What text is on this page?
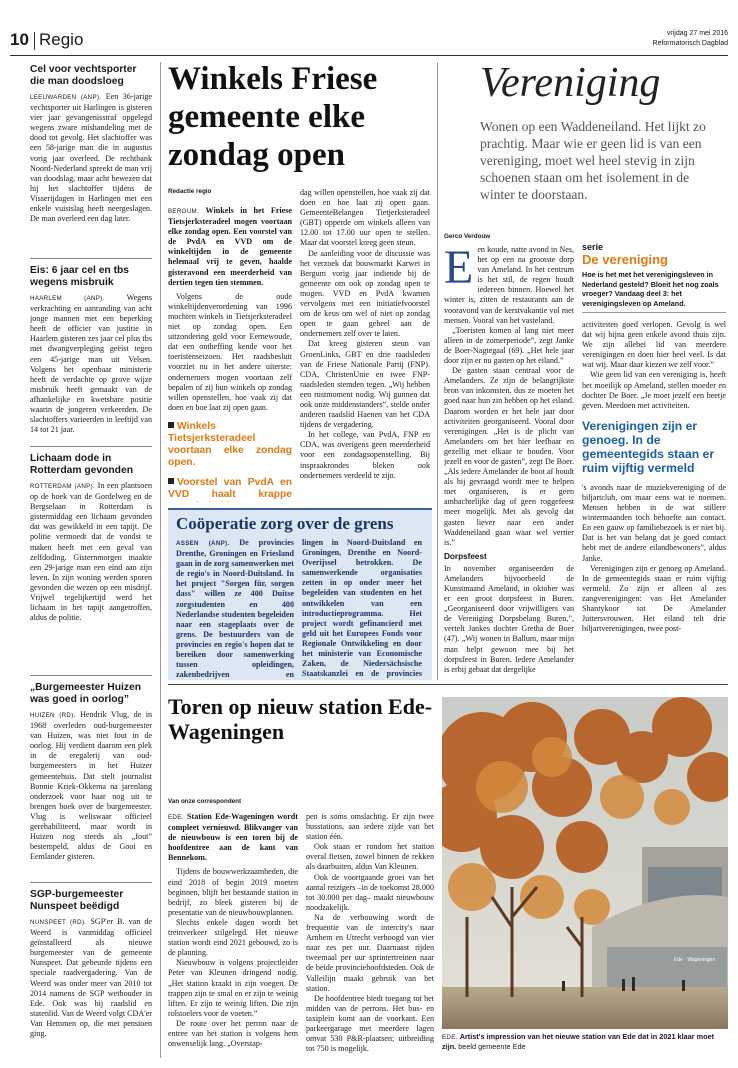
10 Regio	vrijdag 27 mei 2016
Reformatorisch Dagblad
Cel voor vechtsporter die man doodsloeg

LEEUWARDEN (ANP). Een 36-jarige vechtsporter uit Harlingen is gisteren vier jaar gevangenisstraf opgelegd wegens zware mishandeling met de dood tot gevolg. Het slachtoffer was een 58-jarige man die in augustus vorig jaar overleed. De rechtbank Noord-Nederland spreekt de man vrij van doodslag, maar acht bewezen dat hij het slachtoffer tijdens de Visserijdagen in Harlingen met een enkele vuistslag heeft neergeslagen. De man overleed een dag later.

Eis: 6 jaar cel en tbs wegens misbruik

HAARLEM (ANP).	Wegens verkrachting en aanranding van acht jonge mannen met een beperking heeft de officier van justitie in Haarlem gisteren zes jaar cel plus tbs met dwangverpleging geëist tegen een 45-jarige man uit Velsen. Volgens het openbaar ministerie heeft de verdachte op grove wijze misbruik heeft gemaakt van de afhankelijke en kwetsbare positie waarin de jongeren verkeerden. De slachtoffers varieerden in leeftijd van 14 tot 21 jaar.

Lichaam dode in Rotterdam gevonden

ROTTERDAM (ANP). In een plantsoen op de hoek van de Gordelweg en de Bergselaan in Rotterdam is gistermiddag een lichaam gevonden dat was gewikkeld in een tapijt. De politie vermoedt dat de vondst te maken heeft met een geval van zelfdoding. Gisternmorgen maakte een 29-jarige man een eind aan zijn leven. In zijn woning werden sporen gevonden die wezen op een misdrijf. Vrijwel tegelijkertijd werd het lichaam in het tapijt aangetroffen, aldus de politie.

„Burgemeester Huizen was goed in oorlog”

HUIZEN (RD). Hendrik Vlug, de in 1968 overleden oud-burgemeester van Huizen, was niet fout in de oorlog. Hij verdient daarom een plek in de eregalerij van oud-burgemeesters in het Huizer gemeentehuis. Dat stelt journalist Bonnie Kriek-Okkema na jarenlang onderzoek voor haar nog uit te brengen boek over de burgemeester. Vlug is weliswaar officieel gerehabiliteerd, maar wordt in Huizen nog steeds als „fout” bestempeld, aldus de Gooi en Eemlander gisteren.

SGP-burgemeester Nunspeet beëdigd

NUNSPEET (RD). SGP'er B. van de Weerd is vanmiddag officieel geïnstalleerd als nieuwe burgemeester van de gemeente Nunspeet. Dat gebeurde tijdens een speciale raadvergadering. Van de Weerd was onder meer van 2010 tot 2014 namens de SGP wethouder in Ede. Ook was hij raadslid en statenlid. Van de Weerd volgt CDA'er Van Hemmen op, die met pensioen ging.

Winkels Friese gemeente elke zondag open
Redactie regio

BERGUM. Winkels in het Friese Tietsjerksteradeel mogen voortaan elke zondag open. Een voorstel van de PvdA en VVD om de winkeltijden in de gemeente helemaal vrij te geven, haalde gisteravond een meerderheid van dertien tegen tien stemmen.

Volgens de oude winkeltijdenverordening van 1996 mochten winkels in Tietsjerksteradeel niet op zondag open. Een uitzondering gold voor Eernewoude, dat een ontheffing kende voor het toeristenseizoen. Het raadsbesluit voorziet nu in het andere uiterste: ondernemers mogen voortaan zelf bepalen of zij hun winkels op zondag willen openstellen, hoe vaak zij dat doen en hoe laat zij open gaan.

Winkels Tietsjerksteradeel voortaan elke zondag open.
Voorstel van PvdA en VVD haalt krappe

dag willen openstellen, hoe vaak zij dat doen en hoe laat zij open gaan. GemeenteBelangen Tietjerksteradeel (GBT) opperde om winkels alleen van 12.00 tot 17.00 uur open te stellen. Maar dat voorstel kreeg geen steun.

De aanleiding voor de discussie was het verzoek dat bouwmarkt Karwei in Bergum vorig jaar indiende bij de gemeente om ook op zondag open te mogen. VVD en PvdA kwamen vervolgens met een initiatiefvoorstel om de keus om wel of niet op zondag open te gaan geheel aan de ondernemers zelf over te laten.

Dat kreeg gisteren steun van GroenLinks, GBT en drie raadsleden van de Friese Nationale Partij (FNP). CDA, ChristenUnie en twee FNP-raadsleden stemden tegen. „Wij hebben een rustmoment nodig. Wij gunnen dat ook onze middenstanders”, stelde onder anderen raadslid Haenen van het CDA tijdens de vergadering.

In het college, van PvdA, FNP en CDA, was overigens geen meerderheid voor een zondagsopenstelling. Bij inspraakrondes bleken ook ondernemers verdeeld te zijn.

Coöperatie zorg over de grens

ASSEN (ANP). De provincies Drenthe, Groningen en Friesland gaan in de zorg samenwerken met de regio's in Noord-Duitsland. In het project "Sorgen für, sorgen dass" willen ze 400 Duitse zorgstudenten en 400 Nederlandse studenten begeleiden naar een stageplaats over de grens. De bestuurders van de provincies en regio's hopen dat te bereiken door samenwerking tussen opleidingen, zakenbedrijven en

lingen in Noord-Duitsland en Groningen, Drenthe en Noord-Overijssel betrokken. De samenwerkende organisaties zetten in op onder meer het begeleiden van studenten en het ontwikkelen van een introductieprogramma. Het project wordt gefinancierd met geld uit het Europees Fonds voor Regionale Ontwikkeling en door het ministerie van Economische Zaken, de Niedersächsische Staatskanzlei en de provincies

Vereniging
Wonen op een Waddeneiland. Het lijkt zo prachtig. Maar wie er geen lid is van een vereniging, moet wel heel stevig in zijn schoenen staan om het isolement in de winter te doorstaan.
Gerco Verdouw

Een koude, natte avond in Nes, het op een na grootste dorp van Ameland. In het centrum is het stil, de regen houdt iedereen binnen. Hoewel het winter is, zitten de restaurants aan de vooravond van de kerstvakantie vol met mensen. Vooral van het vasteland.

„Toeristen komen al lang niet meer alleen in de zomerperiode”, zegt Janke de Boer-Nagtegaal (69). „Het hele jaar door zijn er nu gasten op het eiland.”

De gasten staan centraal voor de Amelanders. Ze zijn de belangrijkste bron van inkomsten, dus ze moeten het goed naar hun zin hebben op het eiland. Daarom worden er het hele jaar door activiteiten georganiseerd. Vooral door verenigingen. „Het is de plicht van Amelanders om het hier leefbaar en gezellig met elkaar te houden. Voor jezelf en voor de gasten”, zegt De Boer. „Als iedere Amelander de boot af houdt als hij gevraagd wordt mee te helpen met organiseren, is er geen ambachtelijke dag of geen roggefeest meer mogelijk. Met als gevolg dat gasten liever naar een ander Waddeneiland gaan waar wel vertier is.”

Dorpsfeest

In november organiseerden de Amelanders bijvoorbeeld de Kunstmaand Ameland, in oktober was er een groot dorpsfeest in Buren. „Georganiseerd door vrijwilligers van de Vereniging Dorpsbelang Buren,”, vertelt Jankes dochter Gretha de Boer (47). „Wij wonen in Ballum, maar mijn man helpt gewoon mee bij het dorpsfeest in Buren. Iedere Amelander is erbij gebaat dat dergelijke

serie
De vereniging
Hoe is het met het verenigingsleven in Nederland gesteld? Bloeit het nog zoals vroeger? Vandaag deel 3: het verenigingsleven op Ameland.

activiteiten goed verlopen. Gevolg is wel dat wij bijna geen enkele avond thuis zijn. We zijn allebei lid van meerdere verenigingen en doen hier heel veel. Is dat wat wij. Maar daar kiezen we zelf voor.”

Wie geen lid van een vereniging is, heeft het moeilijk op Ameland, stellen moeder en dochter De Boer. „Je moet jezelf een beetje geven. Meedoen met activiteiten.

Verenigingen zijn er genoeg. In de gemeentegids staan er ruim vijftig vermeld

's avonds naar de muziekvereniging of de biljartclub, om maar eens wat te noemen. Mensen hebben in de wat stillere wintermaanden toch behoefte aan contact. En een gauw op familiebezoek is er niet bij. Dat is het van belang dat je goed contact hebt met de andere eilandbewoners”, aldus Janke.

Verenigingen zijn er genoeg op Ameland. In de gemeentegids staan er ruim vijftig vermeld. Zo zijn er alleen al zes zangverenigingen: van Het Amelander Shantykoor tot De Amelander Juttersvrouwen. Het eiland telt drie biljartverenigingen, twee post-

Toren op nieuw station Ede-Wageningen
Van onze correspondent

EDE. Station Ede-Wageningen wordt compleet vernieuwd. Blikvanger van de nieuwbouw is een toren bij de hoofdentree aan de kant van Bennekom.

Tijdens de bouwwerkzaamheden, die eind 2018 of begin 2019 moeten beginnen, blijft het bestaande station in bedrijf, zo bleek gisteren bij de presentatie van de nieuwbouwplannen.

Slechts enkele dagen wordt het treinverkeer stilgelegd. Het nieuwe station wordt eind 2021 gebouwd, zo is de planning.

Nieuwbouw is volgens projectleider Peter van Kleunen dringend nodig. „Het station kraakt in zijn voegen. De trappen zijn te smal en er zijn te weinig liften. Er zijn te weinig liften. Die zijn rolstoelers voor de voeten.”

De route over het perron naar de entree van het station is volgens hem onwenselijk lang. „Overstap-

pen is soms omslachtig. Er zijn twee busstations, aan iedere zijde van het station één.

Ook staan er rondom het station overal fietsen, zowel binnen de rekken als daarbuiten, aldus Van Kleunen.

Ook de voortgaande groei van het aantal reizigers –in de toekomst 28.000 tot 30.000 per dag– maakt nieuwbouw noodzakelijk.

Na de verbouwing wordt de frequentie van de intercity's naar Arnhem en Utrecht verhoogd van vier naar zes per uur. Daarnaast rijden tweemaal per uur sprintertreinen naar de beide provinciehoofdsteden. Ook de Valleilijn maakt gebruik van het station.

De hoofdentree biedt toegang tot het midden van de perrons. Het bus- en taxiplein komt aan de voorkant. Een parkeergarage met meerdere lagen omvat 530 P&R-plaatsen; uitbreiding tot 750 is mogelijk.

Ede · Wageningen
EDE. Artist's impression van het nieuwe station van Ede dat in 2021 klaar moet zijn. beeld gemeente Ede
